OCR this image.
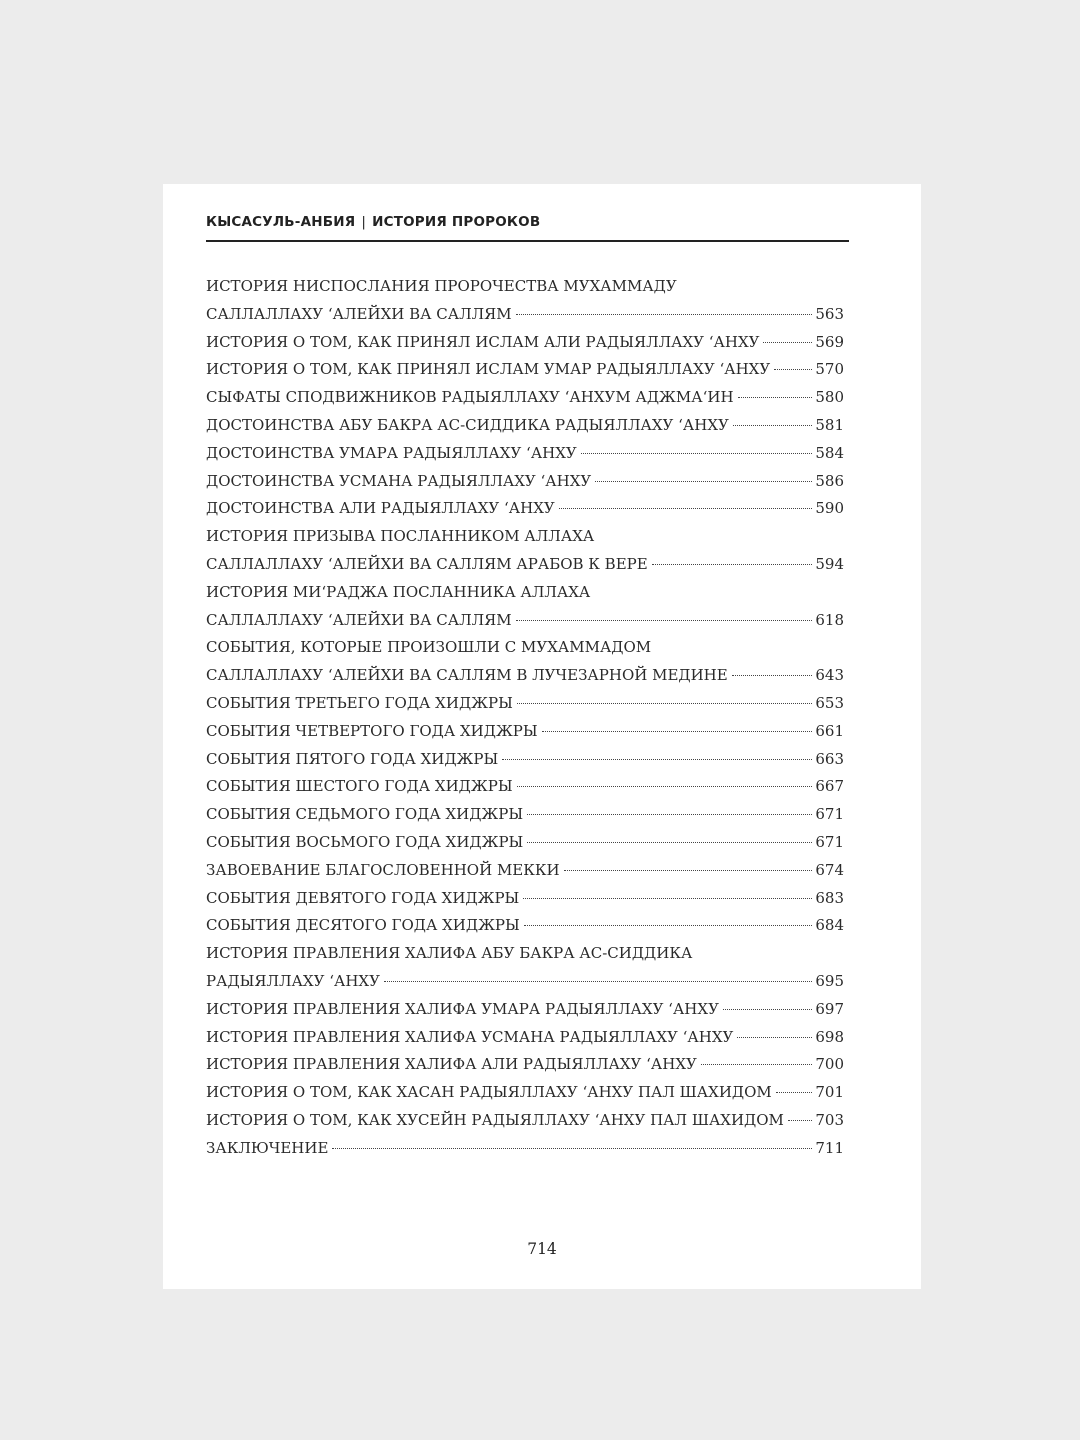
КЫСАСУЛЬ-АНБИЯ | ИСТОРИЯ ПРОРОКОВ
ИСТОРИЯ НИСПОСЛАНИЯ ПРОРОЧЕСТВА МУХАММАДУ
САЛЛАЛЛАХУ ʻАЛЕЙХИ ВА САЛЛЯМ	563
ИСТОРИЯ О ТОМ, КАК ПРИНЯЛ ИСЛАМ АЛИ РАДЫЯЛЛАХУ ʻАНХУ	569
ИСТОРИЯ О ТОМ, КАК ПРИНЯЛ ИСЛАМ УМАР РАДЫЯЛЛАХУ ʻАНХУ	570
СЫФАТЫ СПОДВИЖНИКОВ РАДЫЯЛЛАХУ ʻАНХУМ АДЖМАʻИН	580
ДОСТОИНСТВА АБУ БАКРА АС-СИДДИКА РАДЫЯЛЛАХУ ʻАНХУ	581
ДОСТОИНСТВА УМАРА РАДЫЯЛЛАХУ ʻАНХУ	584
ДОСТОИНСТВА УСМАНА РАДЫЯЛЛАХУ ʻАНХУ	586
ДОСТОИНСТВА АЛИ РАДЫЯЛЛАХУ ʻАНХУ	590
ИСТОРИЯ ПРИЗЫВА ПОСЛАННИКОМ АЛЛАХА
САЛЛАЛЛАХУ ʻАЛЕЙХИ ВА САЛЛЯМ АРАБОВ К ВЕРЕ	594
ИСТОРИЯ МИʻРАДЖА ПОСЛАННИКА АЛЛАХА
САЛЛАЛЛАХУ ʻАЛЕЙХИ ВА САЛЛЯМ	618
СОБЫТИЯ, КОТОРЫЕ ПРОИЗОШЛИ С МУХАММАДОМ
САЛЛАЛЛАХУ ʻАЛЕЙХИ ВА САЛЛЯМ В ЛУЧЕЗАРНОЙ МЕДИНЕ	643
СОБЫТИЯ ТРЕТЬЕГО ГОДА ХИДЖРЫ	653
СОБЫТИЯ ЧЕТВЕРТОГО ГОДА ХИДЖРЫ	661
СОБЫТИЯ ПЯТОГО ГОДА ХИДЖРЫ	663
СОБЫТИЯ ШЕСТОГО ГОДА ХИДЖРЫ	667
СОБЫТИЯ СЕДЬМОГО ГОДА ХИДЖРЫ	671
СОБЫТИЯ ВОСЬМОГО ГОДА ХИДЖРЫ	671
ЗАВОЕВАНИЕ БЛАГОСЛОВЕННОЙ МЕККИ	674
СОБЫТИЯ ДЕВЯТОГО ГОДА ХИДЖРЫ	683
СОБЫТИЯ ДЕСЯТОГО ГОДА ХИДЖРЫ	684
ИСТОРИЯ ПРАВЛЕНИЯ ХАЛИФА АБУ БАКРА АС-СИДДИКА
РАДЫЯЛЛАХУ ʻАНХУ	695
ИСТОРИЯ ПРАВЛЕНИЯ ХАЛИФА УМАРА РАДЫЯЛЛАХУ ʻАНХУ	697
ИСТОРИЯ ПРАВЛЕНИЯ ХАЛИФА УСМАНА РАДЫЯЛЛАХУ ʻАНХУ	698
ИСТОРИЯ ПРАВЛЕНИЯ ХАЛИФА АЛИ РАДЫЯЛЛАХУ ʻАНХУ	700
ИСТОРИЯ О ТОМ, КАК ХАСАН РАДЫЯЛЛАХУ ʻАНХУ ПАЛ ШАХИДОМ	701
ИСТОРИЯ О ТОМ, КАК ХУСЕЙН РАДЫЯЛЛАХУ ʻАНХУ ПАЛ ШАХИДОМ 703
ЗАКЛЮЧЕНИЕ	711
714
